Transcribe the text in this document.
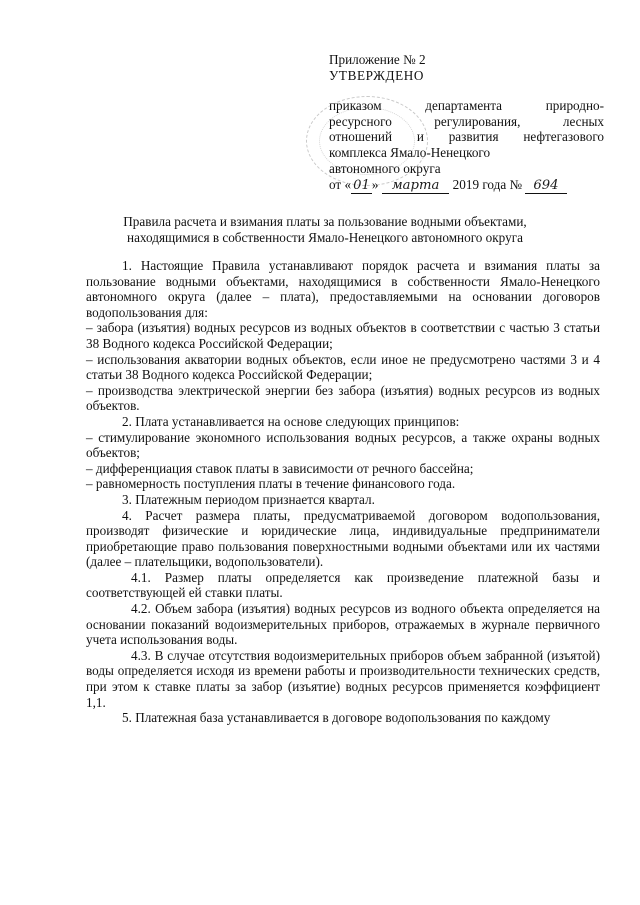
Приложение № 2
УТВЕРЖДЕНО
приказом департамента природно-
ресурсного регулирования, лесных
отношений и развития нефтегазового
комплекса Ямало-Ненецкого
автономного округа
от « 01 » марта 2019 года № 694
Правила расчета и взимания платы за пользование водными объектами,
находящимися в собственности Ямало-Ненецкого автономного округа

1. Настоящие Правила устанавливают порядок расчета и взимания платы за пользование водными объектами, находящимися в собственности Ямало-Ненецкого автономного округа (далее – плата), предоставляемыми на основании договоров водопользования для:

– забора (изъятия) водных ресурсов из водных объектов в соответствии с частью 3 статьи 38 Водного кодекса Российской Федерации;

– использования акватории водных объектов, если иное не предусмотрено частями 3 и 4 статьи 38 Водного кодекса Российской Федерации;

– производства электрической энергии без забора (изъятия) водных ресурсов из водных объектов.

2. Плата устанавливается на основе следующих принципов:

– стимулирование экономного использования водных ресурсов, а также охраны водных объектов;

– дифференциация ставок платы в зависимости от речного бассейна;

– равномерность поступления платы в течение финансового года.

3. Платежным периодом признается квартал.

4. Расчет размера платы, предусматриваемой договором водопользования, производят физические и юридические лица, индивидуальные предприниматели приобретающие право пользования поверхностными водными объектами или их частями (далее – плательщики, водопользователи).

4.1. Размер платы определяется как произведение платежной базы и соответствующей ей ставки платы.

4.2. Объем забора (изъятия) водных ресурсов из водного объекта определяется на основании показаний водоизмерительных приборов, отражаемых в журнале первичного учета использования воды.

4.3. В случае отсутствия водоизмерительных приборов объем забранной (изъятой) воды определяется исходя из времени работы и производительности технических средств, при этом к ставке платы за забор (изъятие) водных ресурсов применяется коэффициент 1,1.

5. Платежная база устанавливается в договоре водопользования по каждому
